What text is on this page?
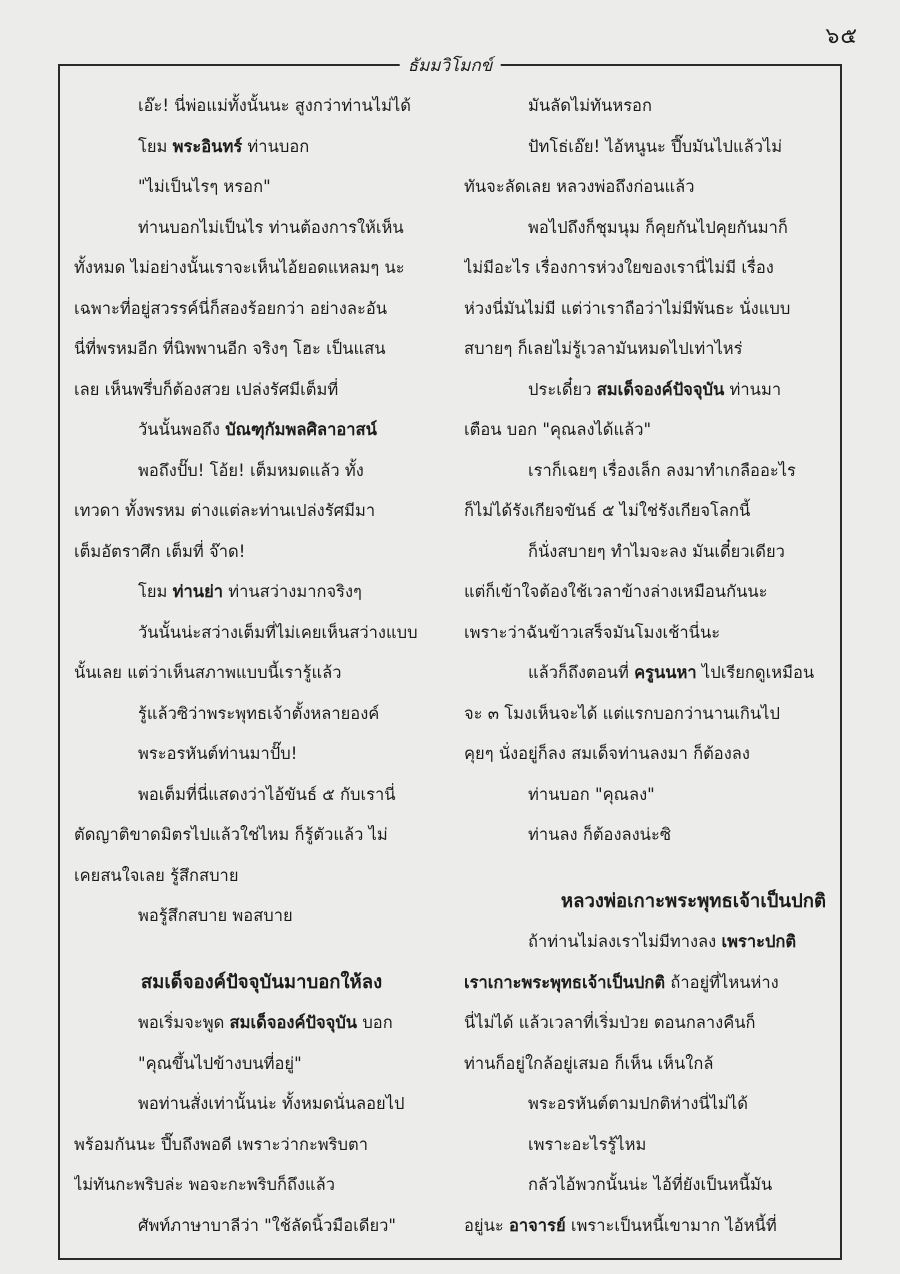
๖๕
ธัมมวิโมกข์
เอ๊ะ! นี่พ่อแม่ทั้งนั้นนะ สูงกว่าท่านไม่ได้
โยม พระอินทร์ ท่านบอก
"ไม่เป็นไรๆ หรอก"
ท่านบอกไม่เป็นไร ท่านต้องการให้เห็น
ทั้งหมด ไม่อย่างนั้นเราจะเห็นไอ้ยอดแหลมๆ นะ
เฉพาะที่อยู่สวรรค์นี่ก็สองร้อยกว่า อย่างละอัน
นี่ที่พรหมอีก ที่นิพพานอีก จริงๆ โฮะ เป็นแสน
เลย เห็นพรึ่บก็ต้องสวย เปล่งรัศมีเต็มที่
วันนั้นพอถึง บัณฑุกัมพลศิลาอาสน์
พอถึงปั๊บ! โอ้ย! เต็มหมดแล้ว ทั้ง
เทวดา ทั้งพรหม ต่างแต่ละท่านเปล่งรัศมีมา
เต็มอัตราศึก เต็มที่ จ๊าด!
โยม ท่านย่า ท่านสว่างมากจริงๆ
วันนั้นน่ะสว่างเต็มที่ไม่เคยเห็นสว่างแบบ
นั้นเลย แต่ว่าเห็นสภาพแบบนี้เรารู้แล้ว
รู้แล้วซิว่าพระพุทธเจ้าตั้งหลายองค์
พระอรหันต์ท่านมาปั๊บ!
พอเต็มที่นี่แสดงว่าไอ้ขันธ์ ๕ กับเรานี่
ตัดญาติขาดมิตรไปแล้วใช่ไหม ก็รู้ตัวแล้ว ไม่
เคยสนใจเลย รู้สึกสบาย
พอรู้สึกสบาย พอสบาย
สมเด็จองค์ปัจจุบันมาบอกให้ลง
พอเริ่มจะพูด สมเด็จองค์ปัจจุบัน บอก
"คุณขึ้นไปข้างบนที่อยู่"
พอท่านสั่งเท่านั้นน่ะ ทั้งหมดนั่นลอยไป
พร้อมกันนะ ปึ๊บถึงพอดี เพราะว่ากะพริบตา
ไม่ทันกะพริบล่ะ พอจะกะพริบก็ถึงแล้ว
ศัพท์ภาษาบาลีว่า "ใช้ลัดนิ้วมือเดียว"
มันลัดไม่ทันหรอก
ปัทโธ่เอ๊ย! ไอ้หนูนะ ปึ๊บมันไปแล้วไม่
ทันจะลัดเลย หลวงพ่อถึงก่อนแล้ว
พอไปถึงก็ชุมนุม ก็คุยกันไปคุยกันมาก็
ไม่มีอะไร เรื่องการห่วงใยของเรานี่ไม่มี เรื่อง
ห่วงนี่มันไม่มี แต่ว่าเราถือว่าไม่มีพันธะ นั่งแบบ
สบายๆ ก็เลยไม่รู้เวลามันหมดไปเท่าไหร่
ประเดี๋ยว สมเด็จองค์ปัจจุบัน ท่านมา
เตือน บอก "คุณลงได้แล้ว"
เราก็เฉยๆ เรื่องเล็ก ลงมาทำเกลืออะไร
ก็ไม่ได้รังเกียจขันธ์ ๕ ไม่ใช่รังเกียจโลกนี้
ก็นั่งสบายๆ ทำไมจะลง มันเดี๋ยวเดียว
แต่ก็เข้าใจต้องใช้เวลาข้างล่างเหมือนกันนะ
เพราะว่าฉันข้าวเสร็จมันโมงเช้านี่นะ
แล้วก็ถึงตอนที่ ครูนนหา ไปเรียกดูเหมือน
จะ ๓ โมงเห็นจะได้ แต่แรกบอกว่านานเกินไป
คุยๆ นั่งอยู่ก็ลง สมเด็จท่านลงมา ก็ต้องลง
ท่านบอก "คุณลง"
ท่านลง ก็ต้องลงน่ะซิ
หลวงพ่อเกาะพระพุทธเจ้าเป็นปกติ
ถ้าท่านไม่ลงเราไม่มีทางลง เพราะปกติ
เราเกาะพระพุทธเจ้าเป็นปกติ ถ้าอยู่ที่ไหนห่าง
นี่ไม่ได้ แล้วเวลาที่เริ่มป่วย ตอนกลางคืนก็
ท่านก็อยู่ใกล้อยู่เสมอ ก็เห็น เห็นใกล้
พระอรหันต์ตามปกติห่างนี่ไม่ได้
เพราะอะไรรู้ไหม
กลัวไอ้พวกนั้นน่ะ ไอ้ที่ยังเป็นหนี้มัน
อยู่นะ อาจารย์ เพราะเป็นหนี้เขามาก ไอ้หนี้ที่
